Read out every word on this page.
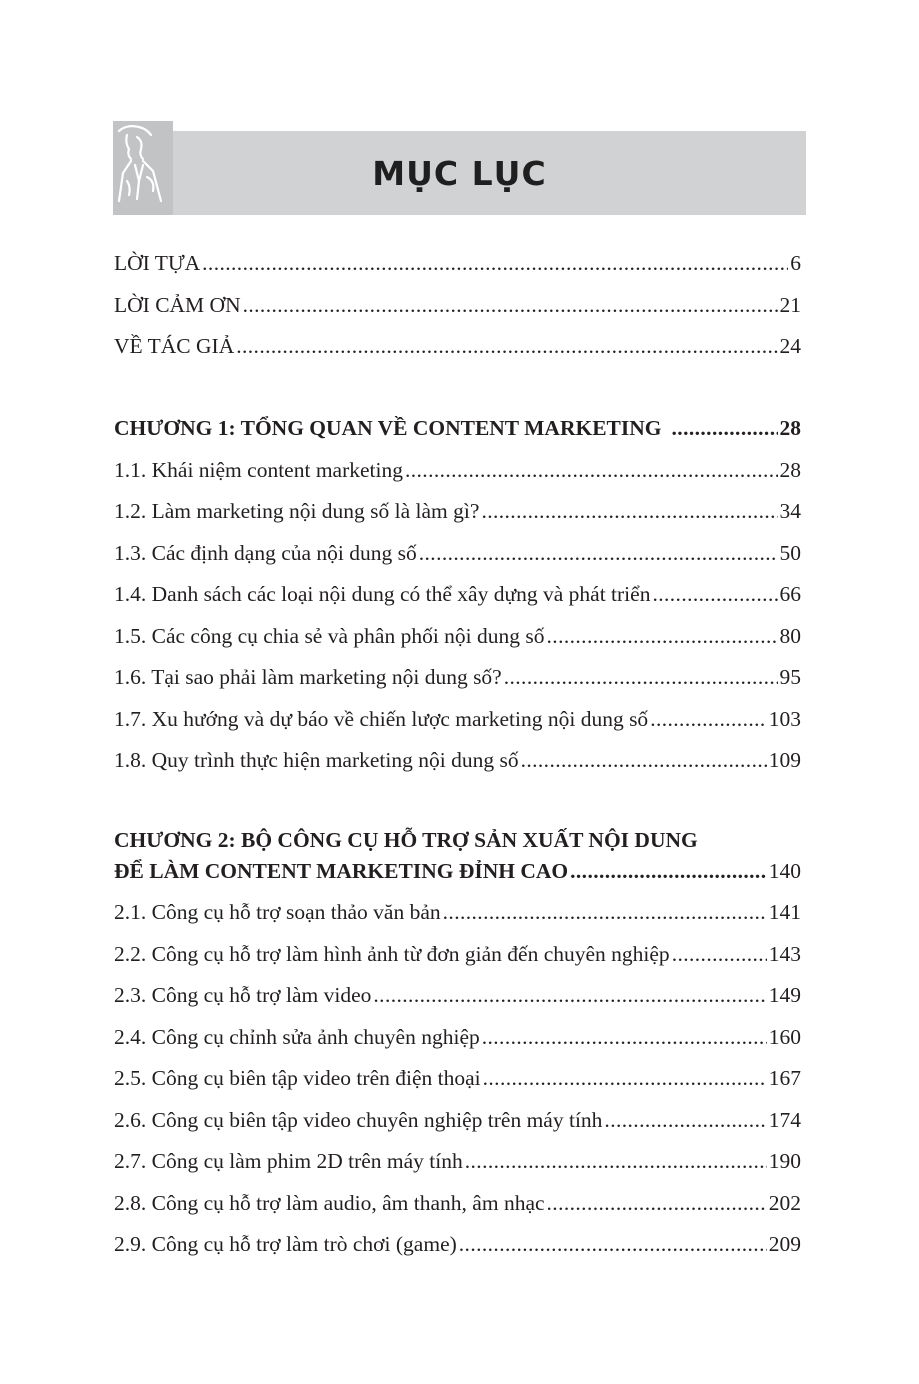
MỤC LỤC
LỜI TỰA .....	6
LỜI CẢM ƠN .....	21
VỀ TÁC GIẢ .....	24
CHƯƠNG 1: TỔNG QUAN VỀ CONTENT MARKETING .....	28
1.1. Khái niệm content marketing .....	28
1.2. Làm marketing nội dung số là làm gì? .....	34
1.3. Các định dạng của nội dung số .....	50
1.4. Danh sách các loại nội dung có thể xây dựng và phát triển .....	66
1.5. Các công cụ chia sẻ và phân phối nội dung số .....	80
1.6. Tại sao phải làm marketing nội dung số? .....	95
1.7. Xu hướng và dự báo về chiến lược marketing nội dung số .....	103
1.8. Quy trình thực hiện marketing nội dung số .....	109
CHƯƠNG 2: BỘ CÔNG CỤ HỖ TRỢ SẢN XUẤT NỘI DUNG
ĐỂ LÀM CONTENT MARKETING ĐỈNH CAO .....	140
2.1. Công cụ hỗ trợ soạn thảo văn bản .....	141
2.2. Công cụ hỗ trợ làm hình ảnh từ đơn giản đến chuyên nghiệp .....	143
2.3. Công cụ hỗ trợ làm video .....	149
2.4. Công cụ chỉnh sửa ảnh chuyên nghiệp .....	160
2.5. Công cụ biên tập video trên điện thoại .....	167
2.6. Công cụ biên tập video chuyên nghiệp trên máy tính .....	174
2.7. Công cụ làm phim 2D trên máy tính .....	190
2.8. Công cụ hỗ trợ làm audio, âm thanh, âm nhạc .....	202
2.9. Công cụ hỗ trợ làm trò chơi (game) .....	209
